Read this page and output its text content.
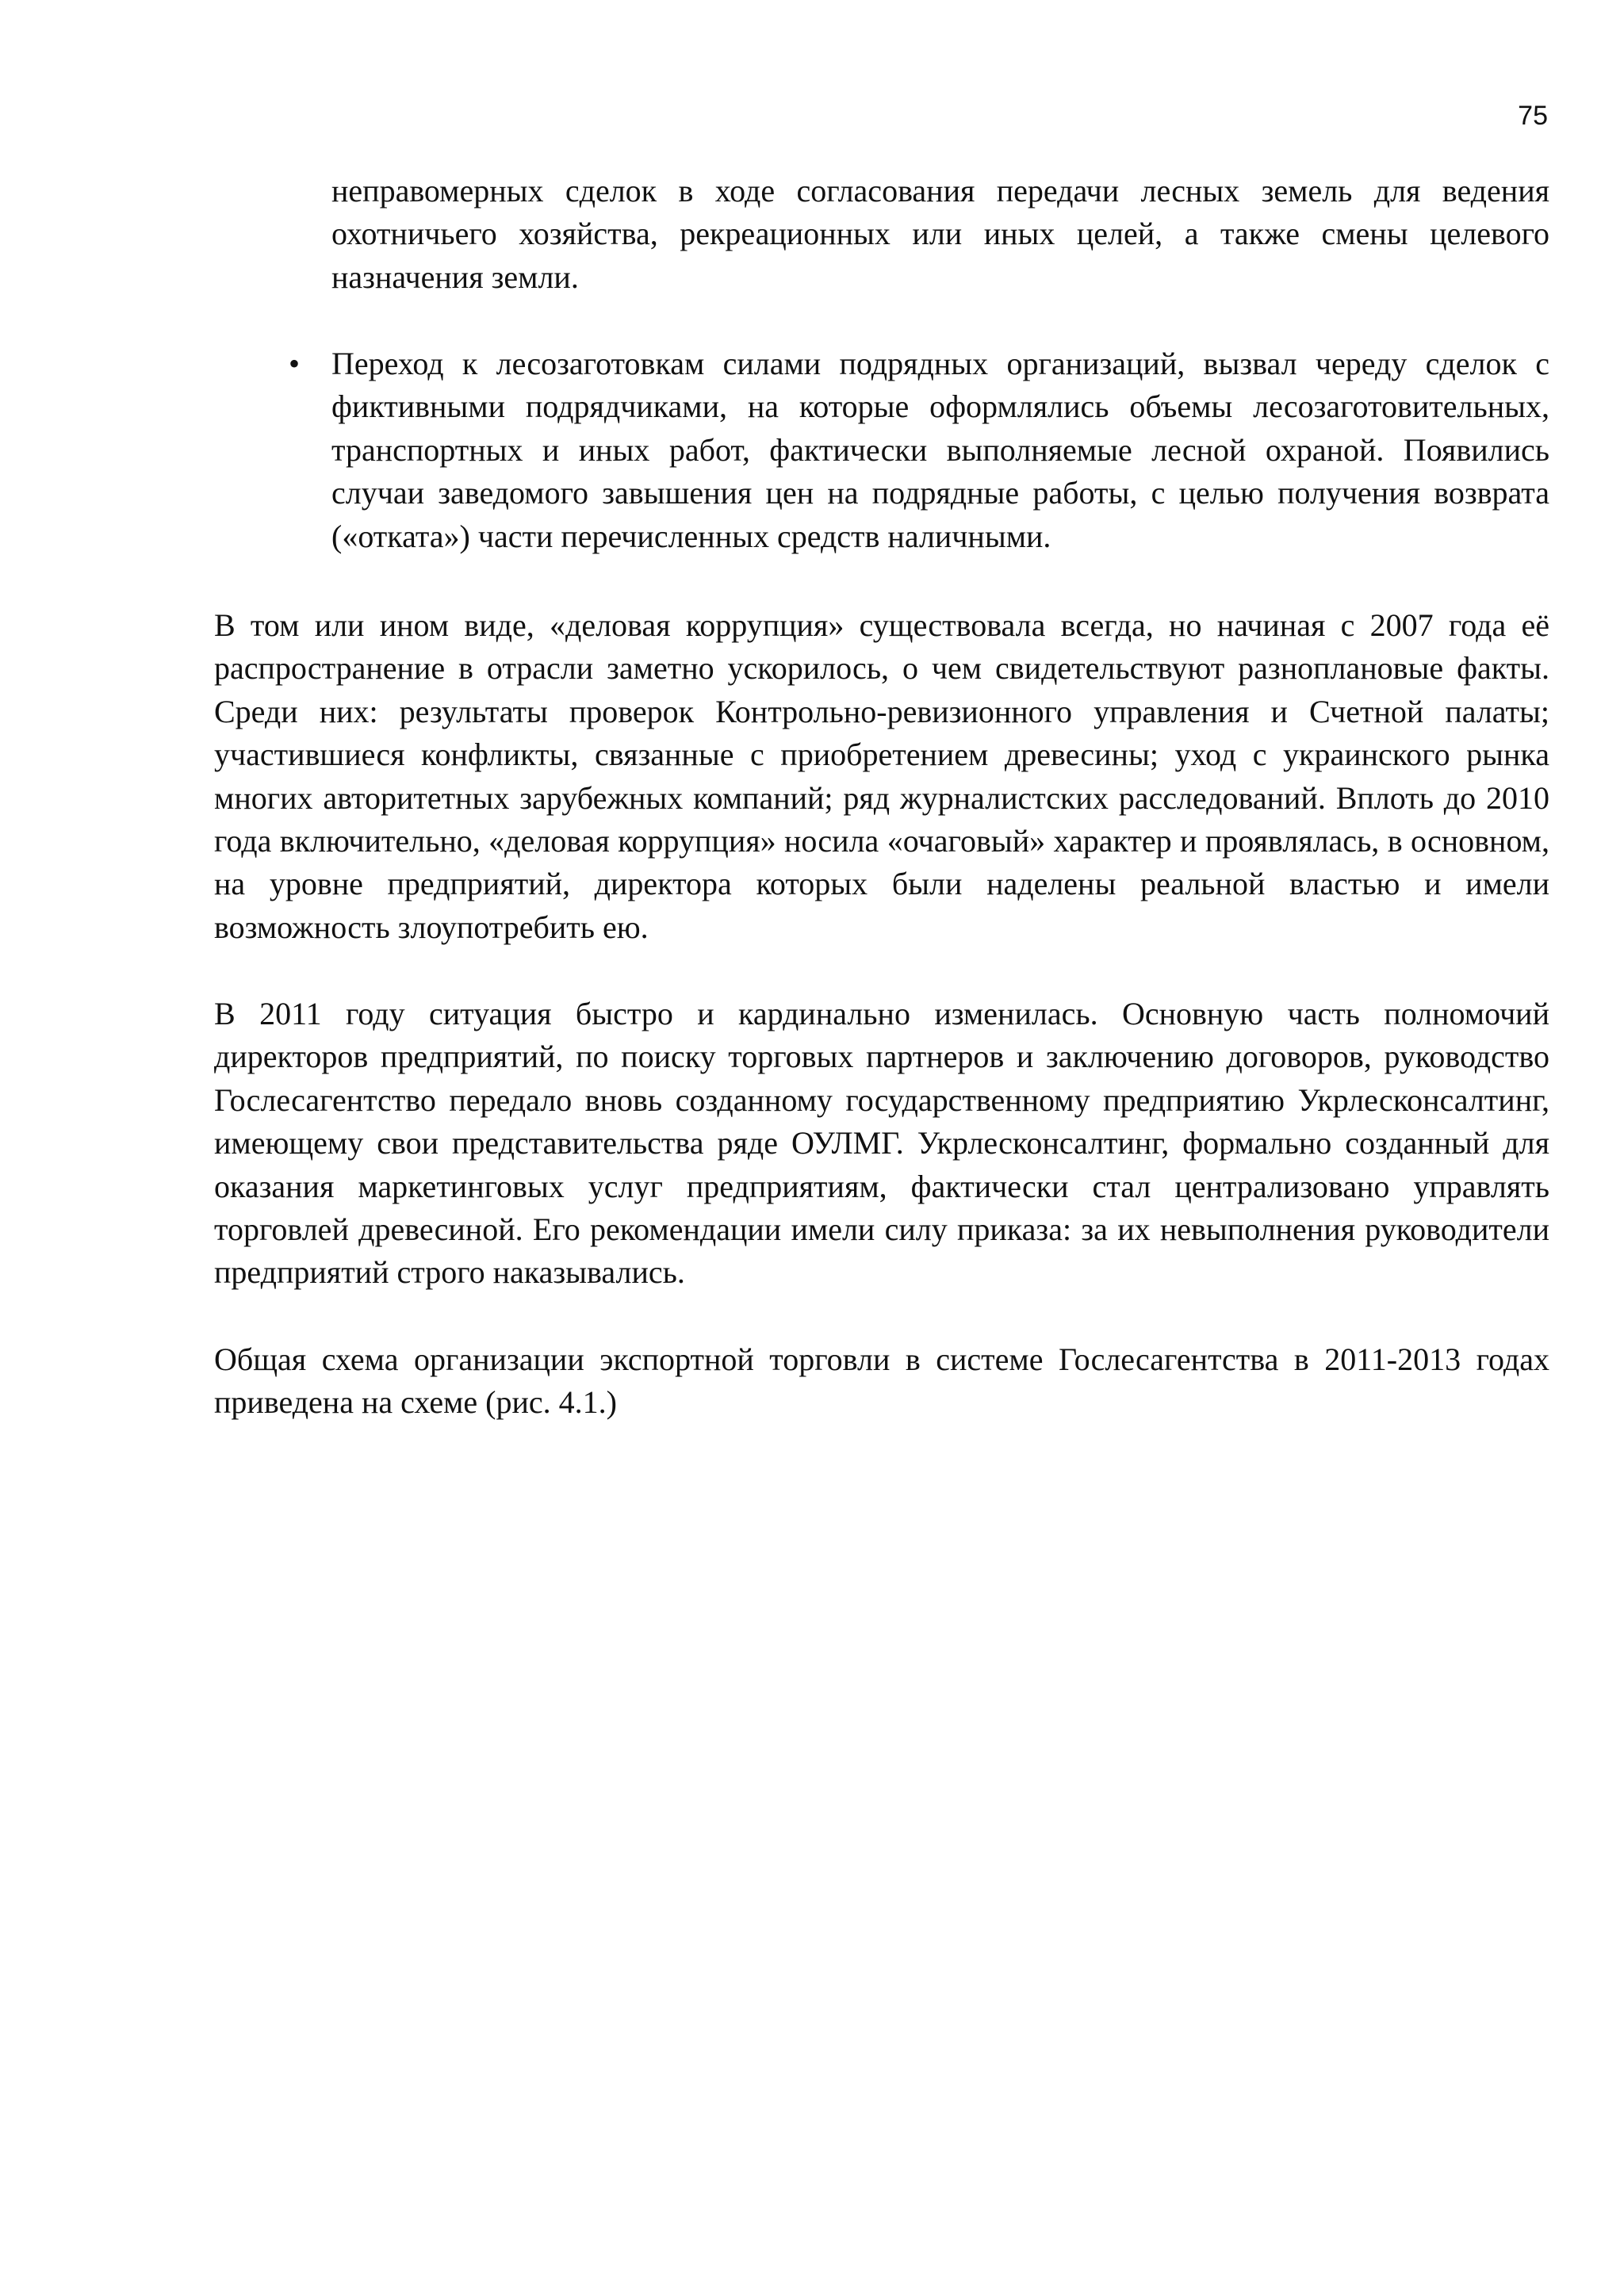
75

неправомерных сделок в ходе согласования передачи лесных земель для ведения охотничьего хозяйства, рекреационных или иных целей, а также смены целевого назначения земли.

• Переход к лесозаготовкам силами подрядных организаций, вызвал череду сделок с фиктивными подрядчиками, на которые оформлялись объемы лесозаготовительных, транспортных и иных работ, фактически выполняемые лесной охраной. Появились случаи заведомого завышения цен на подрядные работы, с целью получения возврата («отката») части перечисленных средств наличными.

В том или ином виде, «деловая коррупция» существовала всегда, но начиная с 2007 года её распространение в отрасли заметно ускорилось, о чем свидетельствуют разноплановые факты. Среди них: результаты проверок Контрольно-ревизионного управления и Счетной палаты; участившиеся конфликты, связанные с приобретением древесины; уход с украинского рынка многих авторитетных зарубежных компаний; ряд журналистских расследований. Вплоть до 2010 года включительно, «деловая коррупция» носила «очаговый» характер и проявлялась, в основном, на уровне предприятий, директора которых были наделены реальной властью и имели возможность злоупотребить ею.

В 2011 году ситуация быстро и кардинально изменилась. Основную часть полномочий директоров предприятий, по поиску торговых партнеров и заключению договоров, руководство Гослесагентство передало вновь созданному государственному предприятию Укрлесконсалтинг, имеющему свои представительства ряде ОУЛМГ. Укрлесконсалтинг, формально созданный для оказания маркетинговых услуг предприятиям, фактически стал централизовано управлять торговлей древесиной. Его рекомендации имели силу приказа: за их невыполнения руководители предприятий строго наказывались.

Общая схема организации экспортной торговли в системе Гослесагентства в 2011-2013 годах приведена на схеме (рис. 4.1.)
